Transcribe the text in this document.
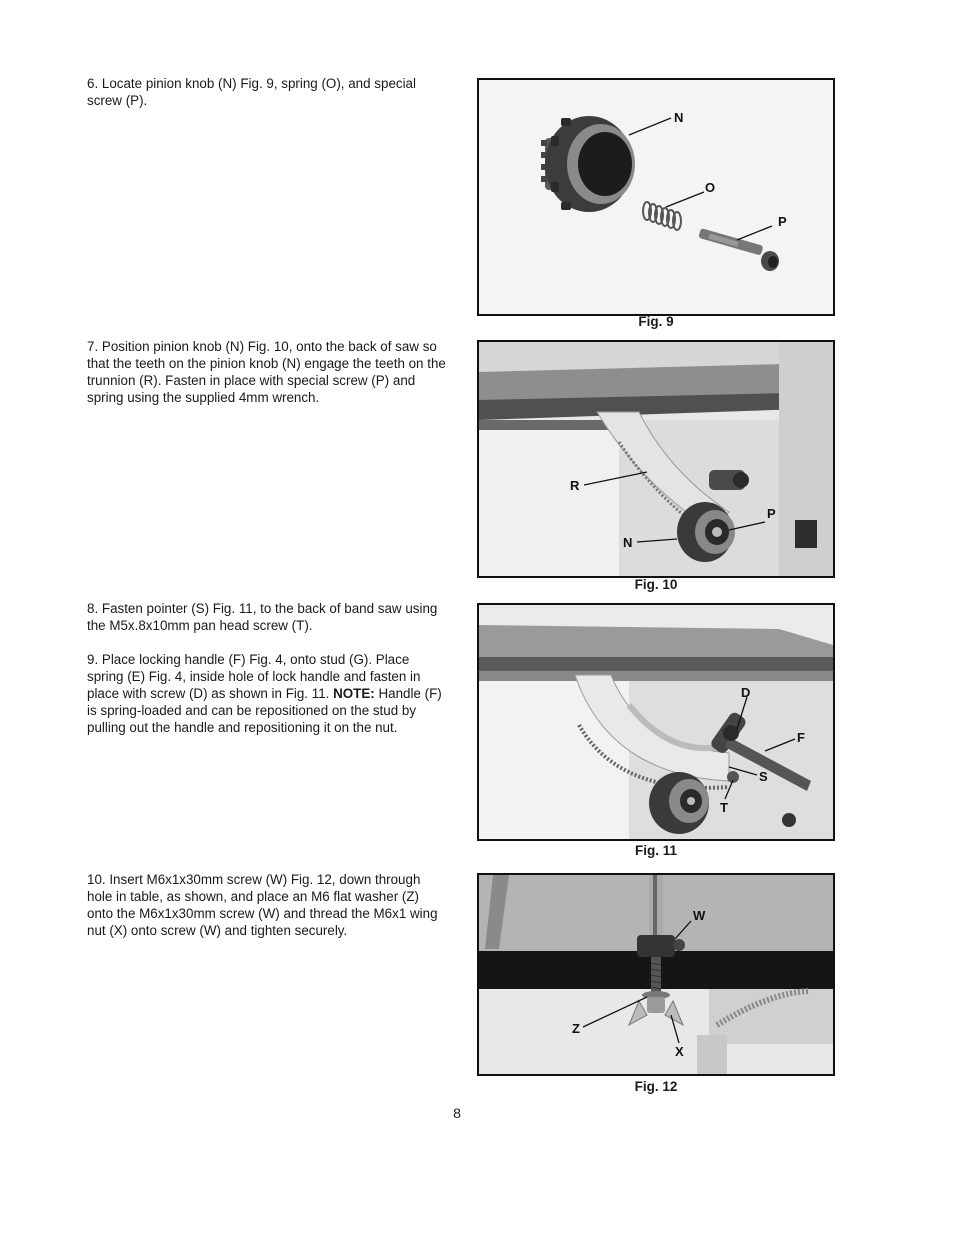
6. Locate pinion knob (N) Fig. 9, spring (O), and special screw (P).

N
O
P
Fig. 9

7. Position pinion knob (N) Fig. 10, onto the back of saw so that the teeth on the pinion knob (N) engage the teeth on the trunnion (R). Fasten in place with special screw (P) and spring using the supplied 4mm wrench.

R
P
N
Fig. 10

8. Fasten pointer (S) Fig. 11, to the back of band saw using the M5x.8x10mm pan head screw (T).

9. Place locking handle (F) Fig. 4, onto stud (G). Place spring (E) Fig. 4, inside hole of lock handle and fasten in place with screw (D) as shown in Fig. 11. NOTE: Handle (F) is spring-loaded and can be repositioned on the stud by pulling out the handle and repositioning it on the nut.

D
F
S
T
Fig. 11

10. Insert M6x1x30mm screw (W) Fig. 12, down through hole in table, as shown, and place an M6 flat washer (Z) onto the M6x1x30mm screw (W) and thread the M6x1 wing nut (X) onto screw (W) and tighten securely.

W
Z
X
Fig. 12
8
